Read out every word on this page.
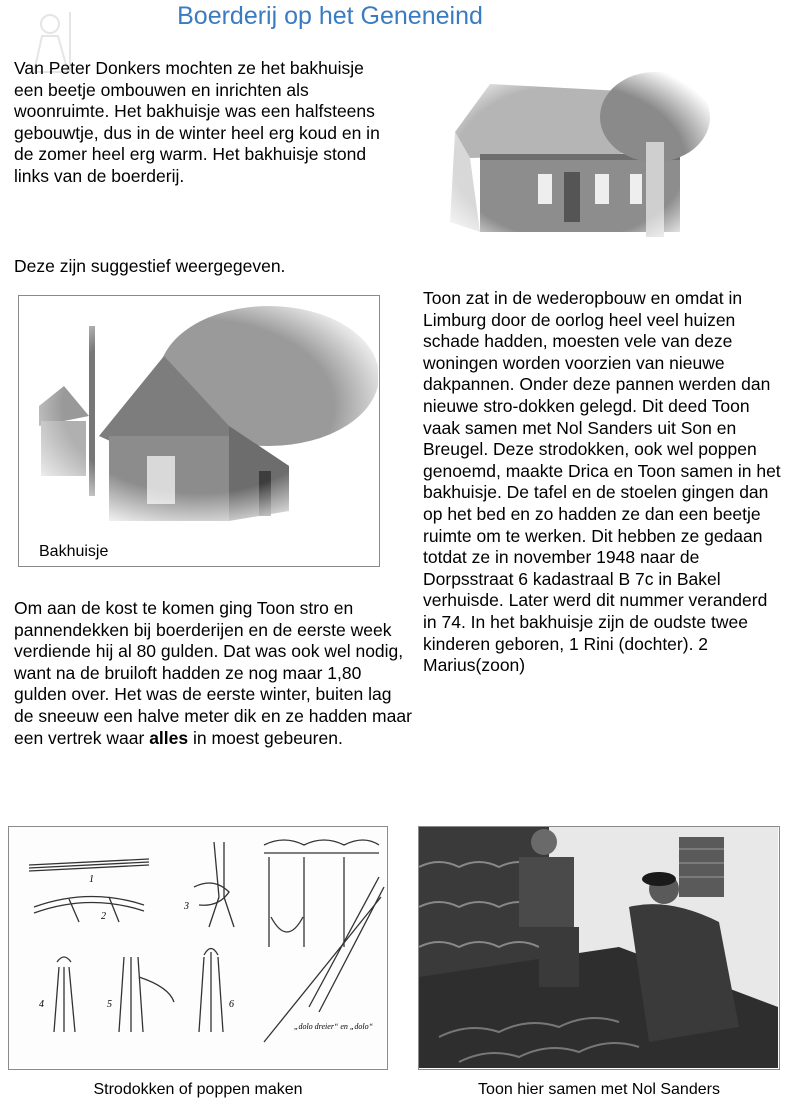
Boerderij op het Geneneind
Van Peter Donkers mochten ze het bakhuisje een beetje ombouwen en inrichten als woonruimte. Het bakhuisje was een halfsteens gebouwtje, dus in de winter heel erg koud en in de zomer heel erg warm. Het bakhuisje stond links van de boerderij.
Deze zijn suggestief weergegeven.
Bakhuisje
Toon zat in de wederopbouw en omdat in Limburg door de oorlog heel veel huizen schade hadden, moesten vele van deze woningen worden voorzien van nieuwe dakpannen. Onder deze pannen werden dan nieuwe stro-dokken gelegd. Dit deed Toon vaak samen met Nol Sanders uit Son en Breugel. Deze strodokken, ook wel poppen genoemd, maakte Drica en Toon samen in het bakhuisje. De tafel en de stoelen gingen dan op het bed en zo hadden ze dan een beetje ruimte om te werken. Dit hebben ze gedaan totdat ze in november 1948 naar de Dorpsstraat 6 kadastraal B 7c in Bakel verhuisde. Later werd dit nummer veranderd in 74. In het bakhuisje zijn de oudste twee kinderen geboren, 1 Rini (dochter). 2 Marius(zoon)
Om aan de kost te komen ging Toon stro en pannendekken bij boerderijen en de eerste week verdiende hij al 80 gulden. Dat was ook wel nodig, want na de bruiloft hadden ze nog maar 1,80 gulden over. Het was de eerste winter, buiten lag de sneeuw een halve meter dik en ze hadden maar een vertrek waar alles in moest gebeuren.
1
2
3
4	5	6
„dolo dreier“ en „dolo“
Strodokken of poppen maken	Toon hier samen met Nol Sanders
